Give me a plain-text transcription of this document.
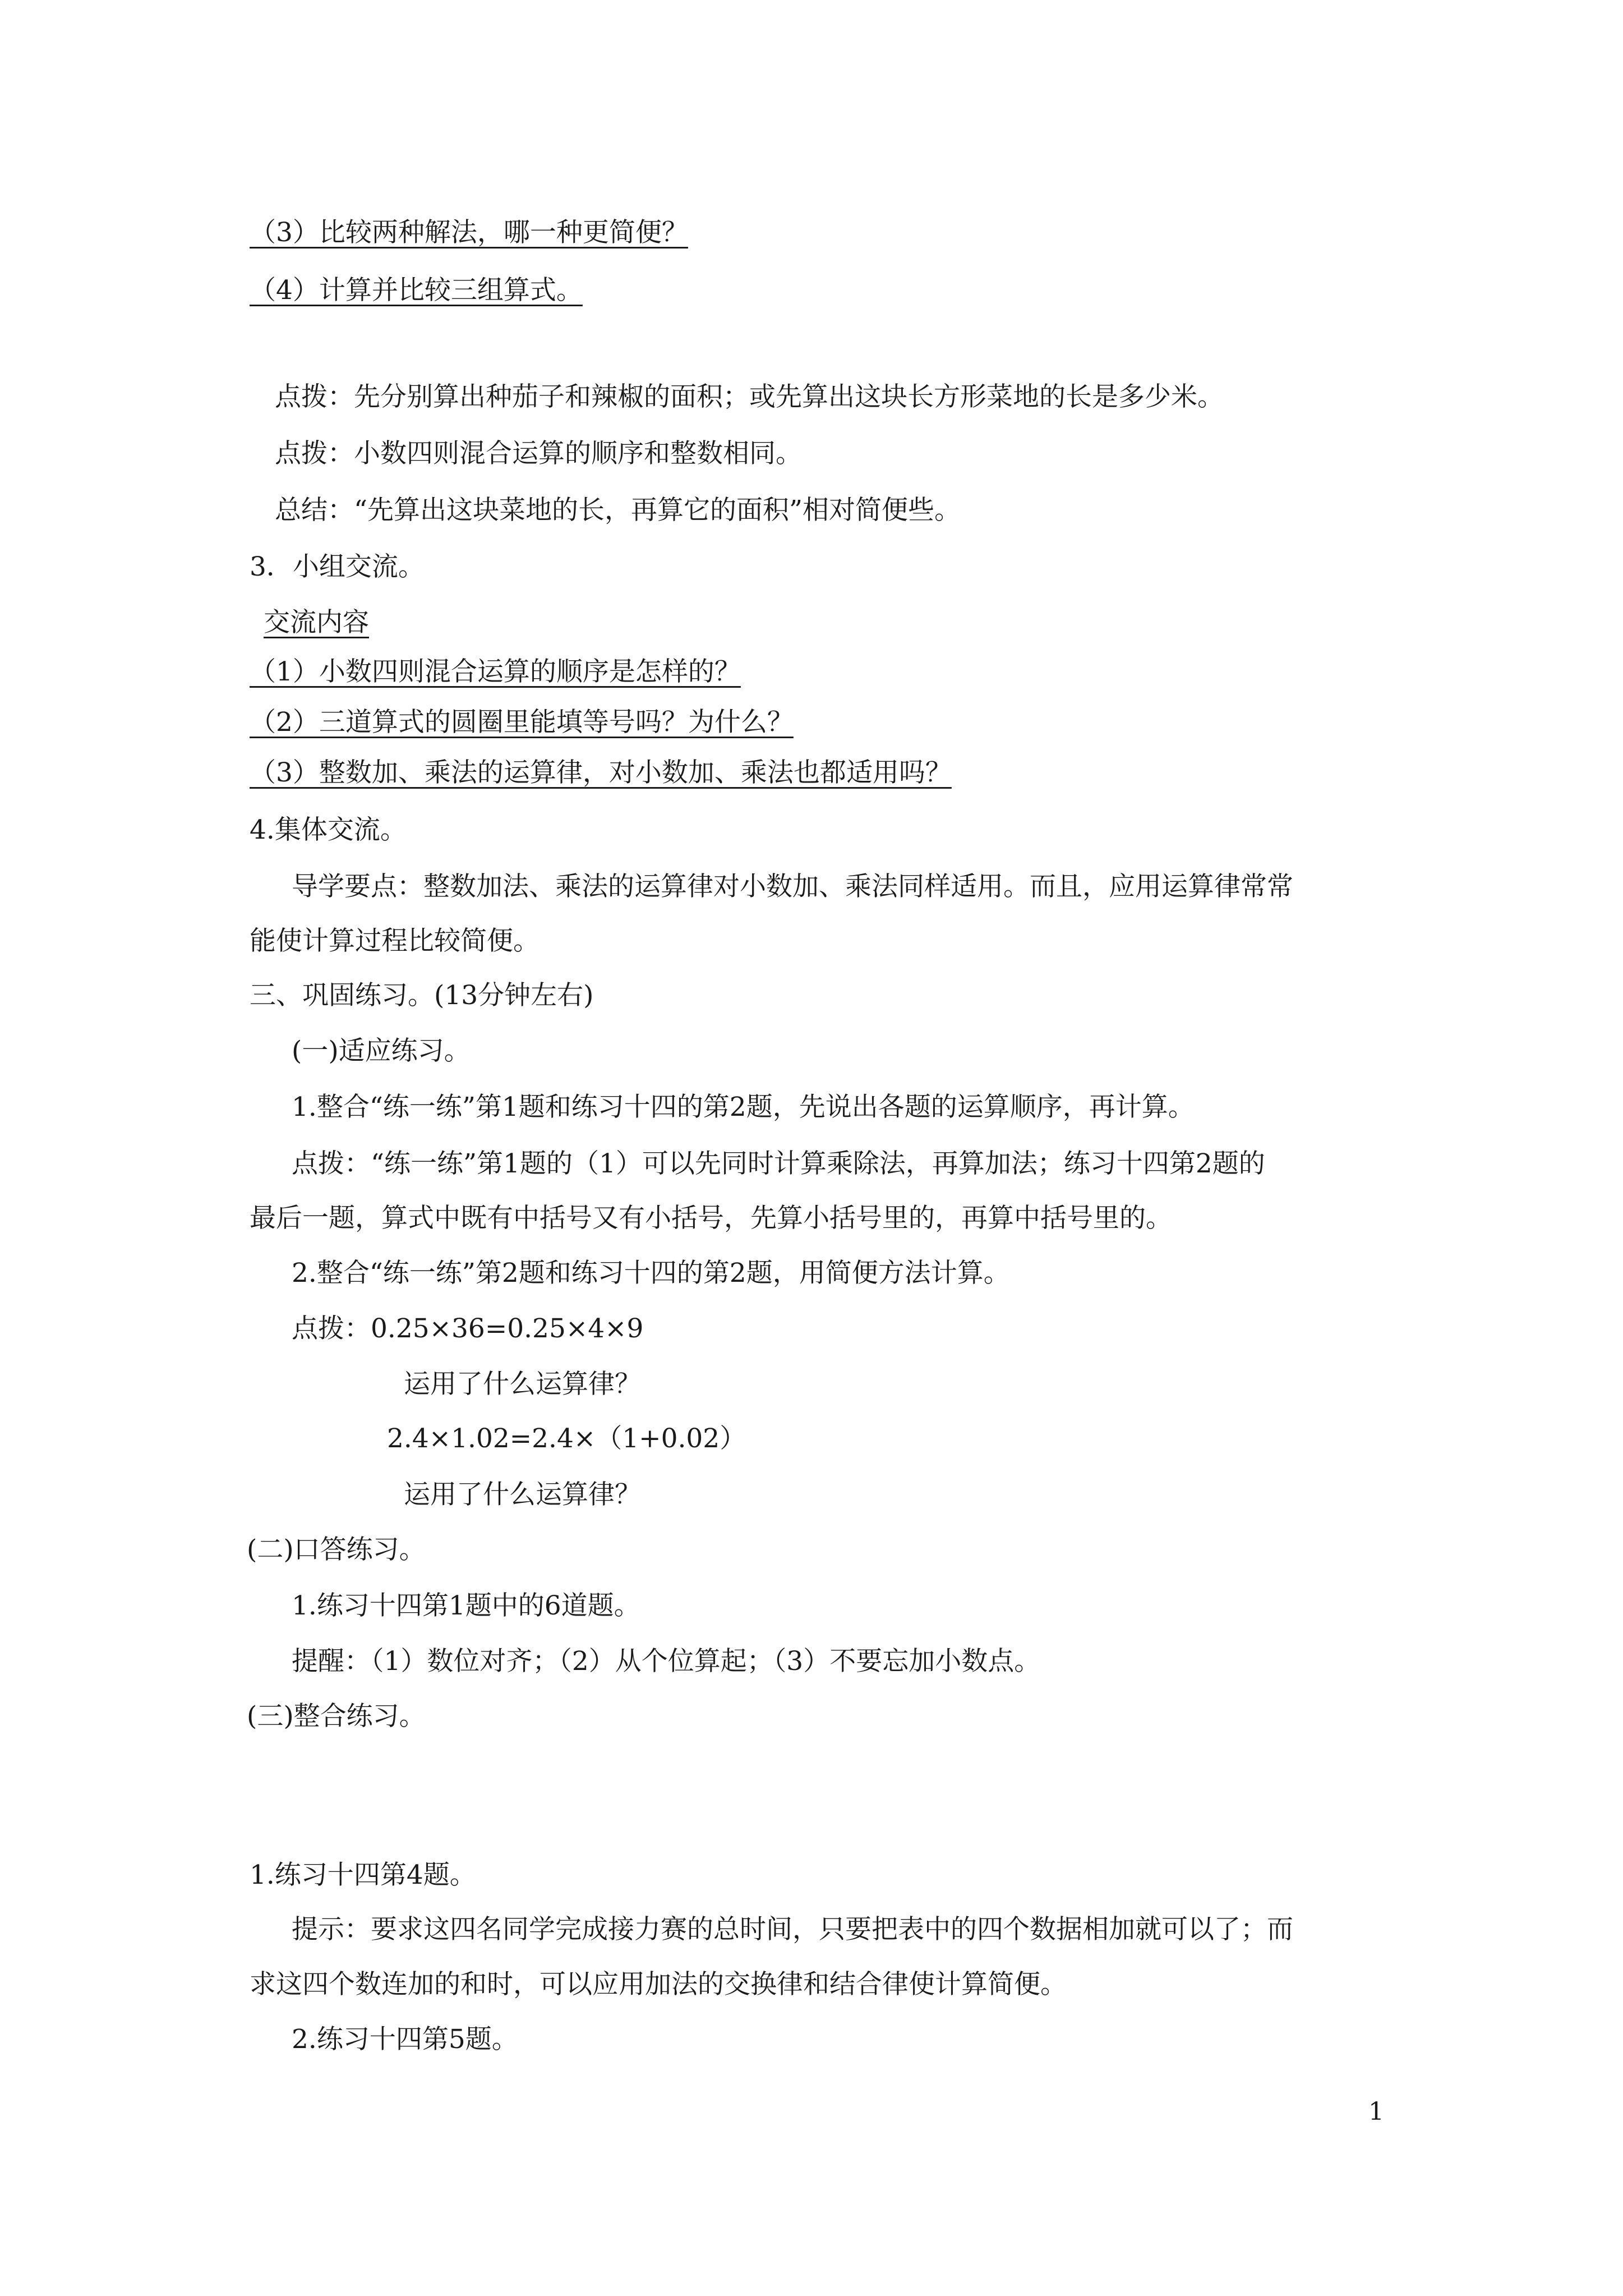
（3）比较两种解法，哪一种更简便？
（4）计算并比较三组算式。
点拨：先分别算出种茄子和辣椒的面积；或先算出这块长方形菜地的长是多少米。
点拨：小数四则混合运算的顺序和整数相同。
总结：“先算出这块菜地的长，再算它的面积”相对简便些。
3．小组交流。
交流内容
（1）小数四则混合运算的顺序是怎样的？
（2）三道算式的圆圈里能填等号吗？为什么？
（3）整数加、乘法的运算律，对小数加、乘法也都适用吗？
4.集体交流。
导学要点：整数加法、乘法的运算律对小数加、乘法同样适用。而且，应用运算律常常
能使计算过程比较简便。
三、巩固练习。(13分钟左右)
(一)适应练习。
1.整合“练一练”第1题和练习十四的第2题，先说出各题的运算顺序，再计算。
点拨：“练一练”第1题的（1）可以先同时计算乘除法，再算加法；练习十四第2题的
最后一题，算式中既有中括号又有小括号，先算小括号里的，再算中括号里的。
2.整合“练一练”第2题和练习十四的第2题，用简便方法计算。
点拨：0.25×36=0.25×4×9
运用了什么运算律？
2.4×1.02=2.4×（1+0.02）
运用了什么运算律？
(二)口答练习。
1.练习十四第1题中的6道题。
提醒：（1）数位对齐；（2）从个位算起；（3）不要忘加小数点。
(三)整合练习。
1.练习十四第4题。
提示：要求这四名同学完成接力赛的总时间，只要把表中的四个数据相加就可以了；而
求这四个数连加的和时，可以应用加法的交换律和结合律使计算简便。
2.练习十四第5题。
1
